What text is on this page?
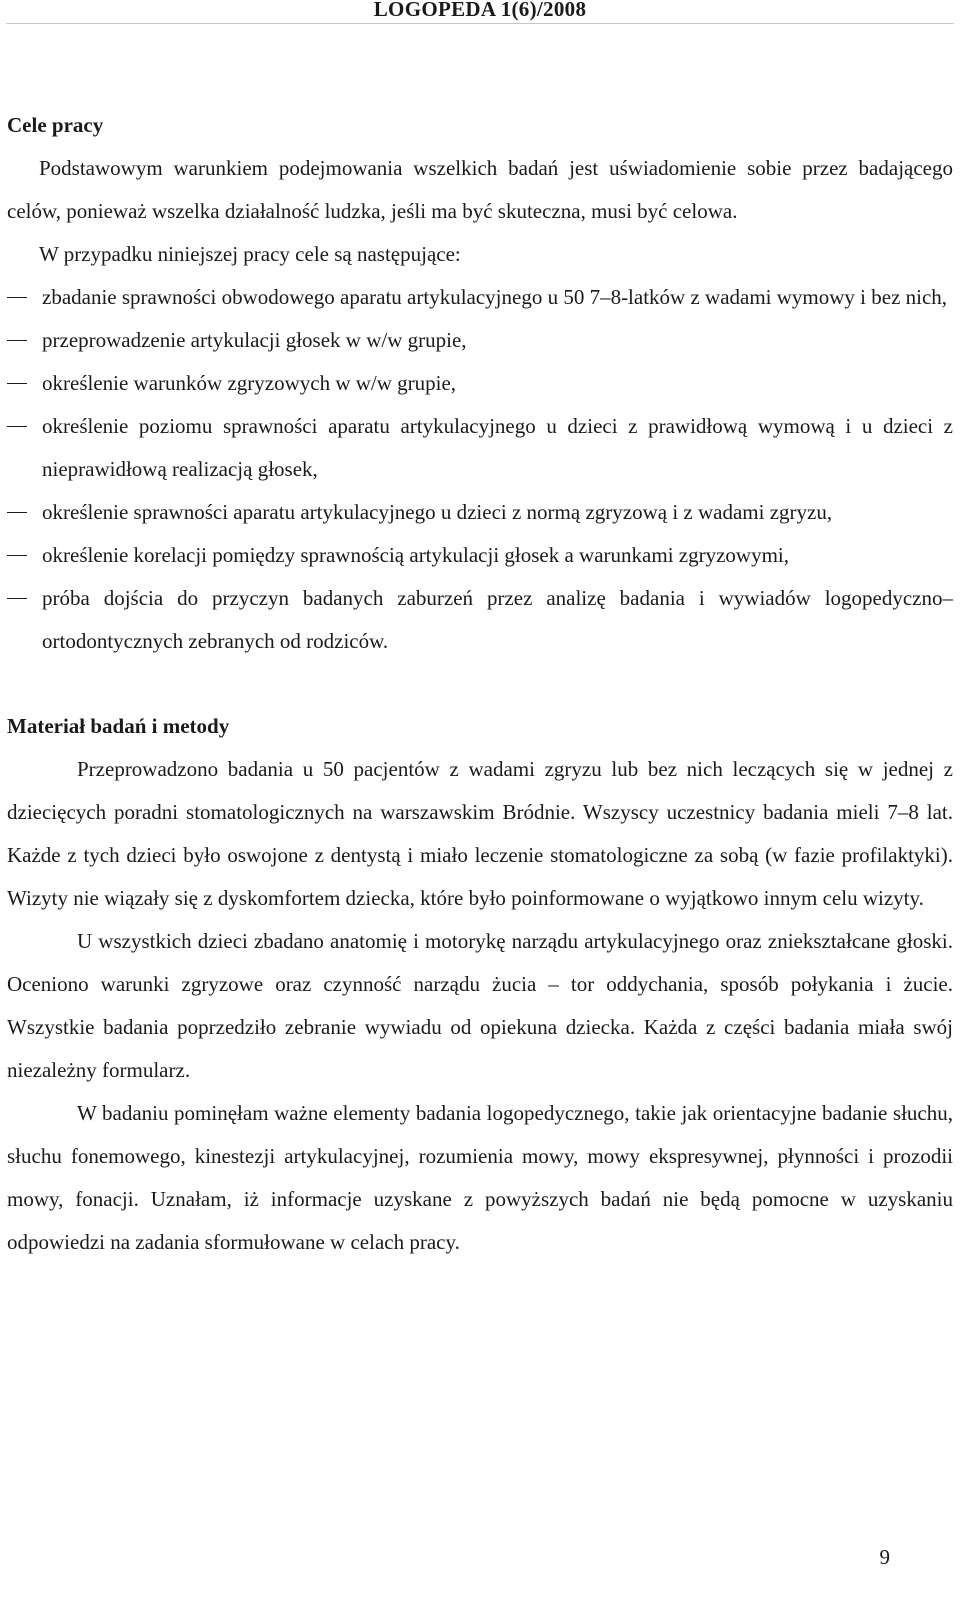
LOGOPEDA 1(6)/2008
Cele pracy

Podstawowym warunkiem podejmowania wszelkich badań jest uświadomienie sobie przez badającego celów, ponieważ wszelka działalność ludzka, jeśli ma być skuteczna, musi być celowa.

W przypadku niniejszej pracy cele są następujące:

zbadanie sprawności obwodowego aparatu artykulacyjnego u 50 7–8-latków z wadami wymowy i bez nich,
przeprowadzenie artykulacji głosek w w/w grupie,
określenie warunków zgryzowych w w/w grupie,
określenie poziomu sprawności aparatu artykulacyjnego u dzieci z prawidłową wymową i u dzieci z nieprawidłową realizacją głosek,
określenie sprawności aparatu artykulacyjnego u dzieci z normą zgryzową i z wadami zgryzu,
określenie korelacji pomiędzy sprawnością artykulacji głosek a warunkami zgryzowymi,
próba dojścia do przyczyn badanych zaburzeń przez analizę badania i wywiadów logopedyczno–ortodontycznych zebranych od rodziców.
Materiał badań i metody

Przeprowadzono badania u 50 pacjentów z wadami zgryzu lub bez nich leczących się w jednej z dziecięcych poradni stomatologicznych na warszawskim Bródnie. Wszyscy uczestnicy badania mieli 7–8 lat. Każde z tych dzieci było oswojone z dentystą i miało leczenie stomatologiczne za sobą (w fazie profilaktyki). Wizyty nie wiązały się z dyskomfortem dziecka, które było poinformowane o wyjątkowo innym celu wizyty.

U wszystkich dzieci zbadano anatomię i motorykę narządu artykulacyjnego oraz zniekształcane głoski. Oceniono warunki zgryzowe oraz czynność narządu żucia – tor oddychania, sposób połykania i żucie. Wszystkie badania poprzedziło zebranie wywiadu od opiekuna dziecka. Każda z części badania miała swój niezależny formularz.

W badaniu pominęłam ważne elementy badania logopedycznego, takie jak orientacyjne badanie słuchu, słuchu fonemowego, kinestezji artykulacyjnej, rozumienia mowy, mowy ekspresywnej, płynności i prozodii mowy, fonacji. Uznałam, iż informacje uzyskane z powyższych badań nie będą pomocne w uzyskaniu odpowiedzi na zadania sformułowane w celach pracy.

9
